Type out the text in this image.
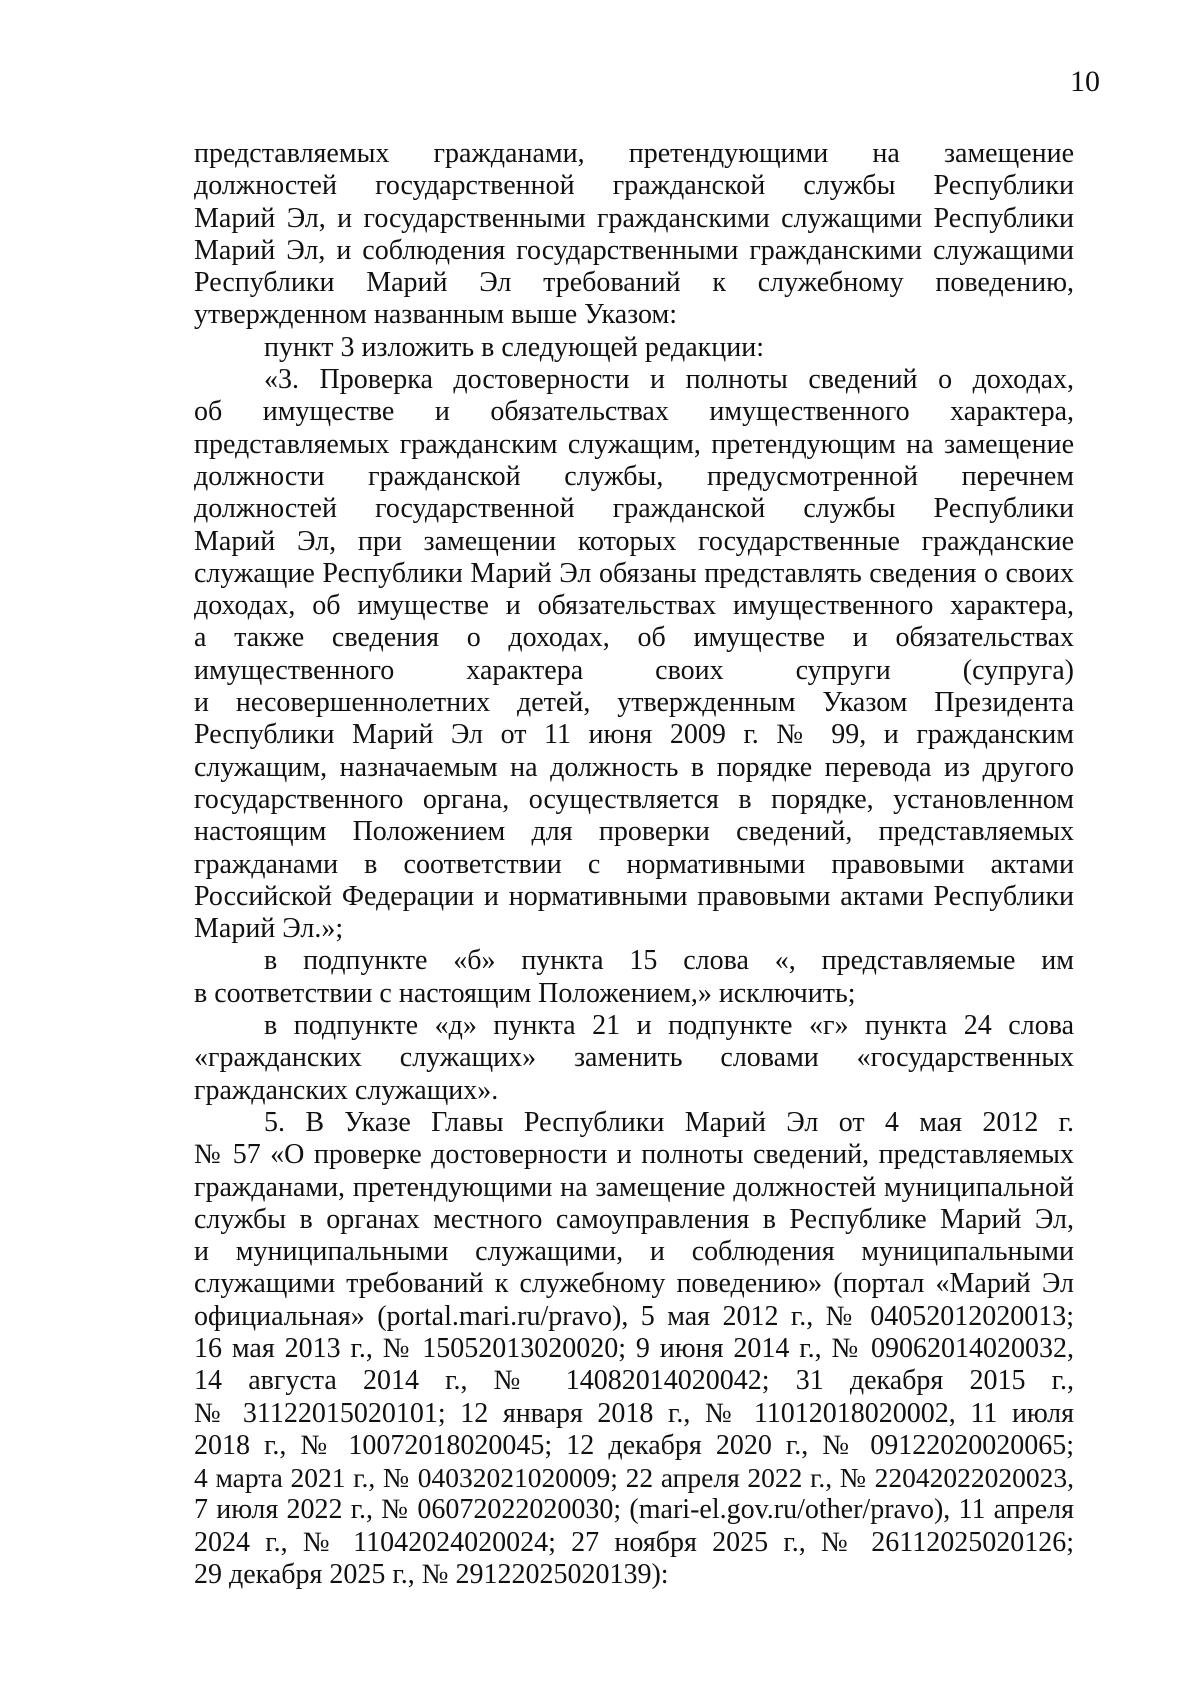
10
представляемых гражданами, претендующими на замещение
должностей государственной гражданской службы Республики
Марий Эл, и государственными гражданскими служащими Республики
Марий Эл, и соблюдения государственными гражданскими служащими
Республики Марий Эл требований к служебному поведению,
утвержденном названным выше Указом:
пункт 3 изложить в следующей редакции:
«3. Проверка достоверности и полноты сведений о доходах,
об имуществе и обязательствах имущественного характера,
представляемых гражданским служащим, претендующим на замещение
должности гражданской службы, предусмотренной перечнем
должностей государственной гражданской службы Республики
Марий Эл, при замещении которых государственные гражданские
служащие Республики Марий Эл обязаны представлять сведения о своих
доходах, об имуществе и обязательствах имущественного характера,
а также сведения о доходах, об имуществе и обязательствах
имущественного характера своих супруги (супруга)
и несовершеннолетних детей, утвержденным Указом Президента
Республики Марий Эл от 11 июня 2009 г. № 99, и гражданским
служащим, назначаемым на должность в порядке перевода из другого
государственного органа, осуществляется в порядке, установленном
настоящим Положением для проверки сведений, представляемых
гражданами в соответствии с нормативными правовыми актами
Российской Федерации и нормативными правовыми актами Республики
Марий Эл.»;
в подпункте «б» пункта 15 слова «, представляемые им
в соответствии с настоящим Положением,» исключить;
в подпункте «д» пункта 21 и подпункте «г» пункта 24 слова
«гражданских служащих» заменить словами «государственных
гражданских служащих».
5. В Указе Главы Республики Марий Эл от 4 мая 2012 г.
№ 57 «О проверке достоверности и полноты сведений, представляемых
гражданами, претендующими на замещение должностей муниципальной
службы в органах местного самоуправления в Республике Марий Эл,
и муниципальными служащими, и соблюдения муниципальными
служащими требований к служебному поведению» (портал «Марий Эл
официальная» (portal.mari.ru/pravo), 5 мая 2012 г., № 04052012020013;
16 мая 2013 г., № 15052013020020; 9 июня 2014 г., № 09062014020032,
14 августа 2014 г., № 14082014020042; 31 декабря 2015 г.,
№ 31122015020101; 12 января 2018 г., № 11012018020002, 11 июля
2018 г., № 10072018020045; 12 декабря 2020 г., № 09122020020065;
4 марта 2021 г., № 04032021020009; 22 апреля 2022 г., № 22042022020023,
7 июля 2022 г., № 06072022020030; (mari-el.gov.ru/other/pravo), 11 апреля
2024 г., № 11042024020024; 27 ноября 2025 г., № 26112025020126;
29 декабря 2025 г., № 29122025020139):
